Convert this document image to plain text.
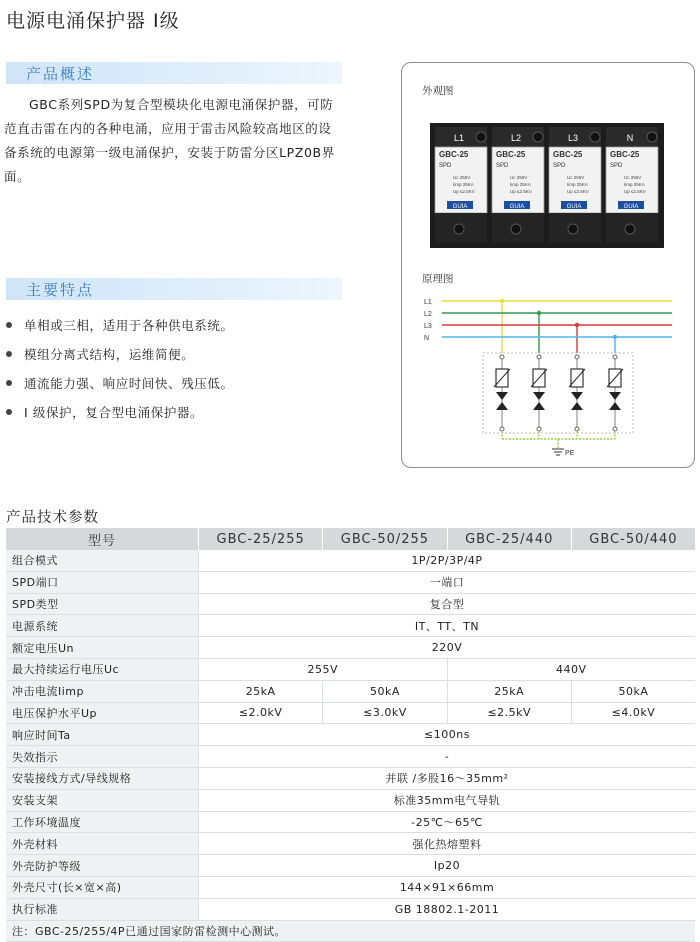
电源电涌保护器 I级
产品概述

GBC系列SPD为复合型模块化电源电涌保护器，可防范直击雷在内的各种电涌，应用于雷击风险较高地区的设备系统的电源第一级电涌保护，安装于防雷分区LPZ0B界面。

主要特点
单相或三相，适用于各种供电系统。
模组分离式结构，运维简便。
通流能力强、响应时间快、残压低。
I 级保护，复合型电涌保护器。
外观图
L1
GBC-25
SPD
Uc 255V
Iimp 25KA
Up ≤2.5KV
GUIA
L2
GBC-25
SPD
Uc 255V
Iimp 25KA
Up ≤2.5KV
GUIA
L3
GBC-25
SPD
Uc 255V
Iimp 25KA
Up ≤2.5KV
GUIA
N
GBC-25
SPD
Uc 255V
Iimp 25KA
Up ≤2.5KV
GUIA
原理图
L1
L2
L3
N
PE
产品技术参数
型号	GBC-25/255	GBC-50/255	GBC-25/440	GBC-50/440
组合模式	1P/2P/3P/4P			
SPD端口	一端口			
SPD类型	复合型			
电源系统	IT、TT、TN			
额定电压Un	220V			
最大持续运行电压Uc	255V		440V	
冲击电流Iimp	25kA	50kA	25kA	50kA
电压保护水平Up	≤2.0kV	≤3.0kV	≤2.5kV	≤4.0kV
响应时间Ta	≤100ns			
失效指示	-			
安装接线方式/导线规格	并联 /多股16～35mm²			
安装支架	标准35mm电气导轨			
工作环境温度	-25℃～65℃			
外壳材料	强化热熔塑料			
外壳防护等级	Ip20			
外壳尺寸(长×宽×高)	144×91×66mm			
执行标准	GB 18802.1-2011			
注：GBC-25/255/4P已通过国家防雷检测中心测试。				
